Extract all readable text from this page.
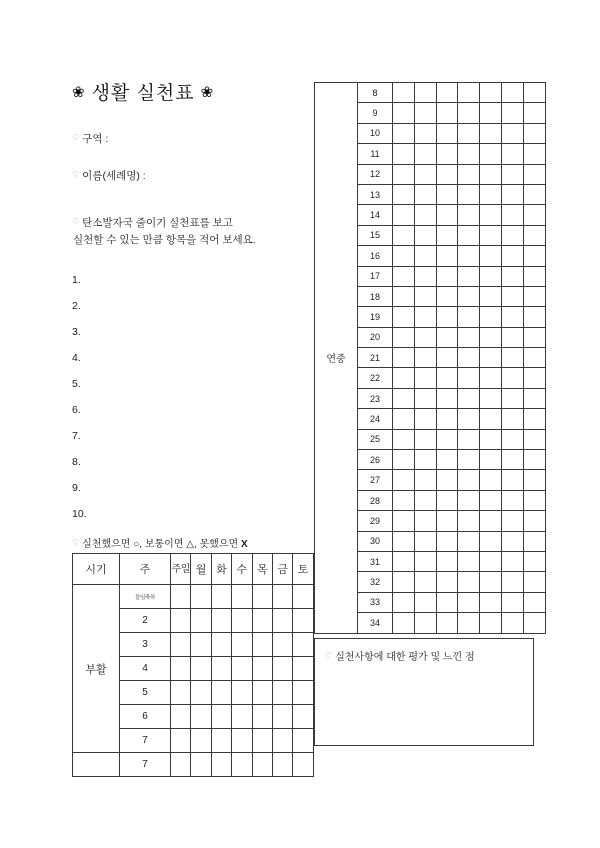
❀ 생활 실천표 ❀
♡ 구역 :
♡ 이름(세례명) :
♡ 탄소발자국 줄이기 실천표를 보고
실천할 수 있는 만큼 항목을 적어 보세요.
1.
2.
3.
4.
5.
6.
7.
8.
9.
10.
♡ 실천했으면 ○, 보통이면 △, 못했으면 X
시기	주	주일	월	화	수	목	금	토
부활	들임축하							
	2							
	3							
	4							
	5							
	6							
	7							
	7							
연중	8							
	9							
	10							
	11							
	12							
	13							
	14							
	15							
	16							
	17							
	18							
	19							
	20							
	21							
	22							
	23							
	24							
	25							
	26							
	27							
	28							
	29							
	30							
	31							
	32							
	33							
	34							
♡ 실천사항에 대한 평가 및 느낀 점
